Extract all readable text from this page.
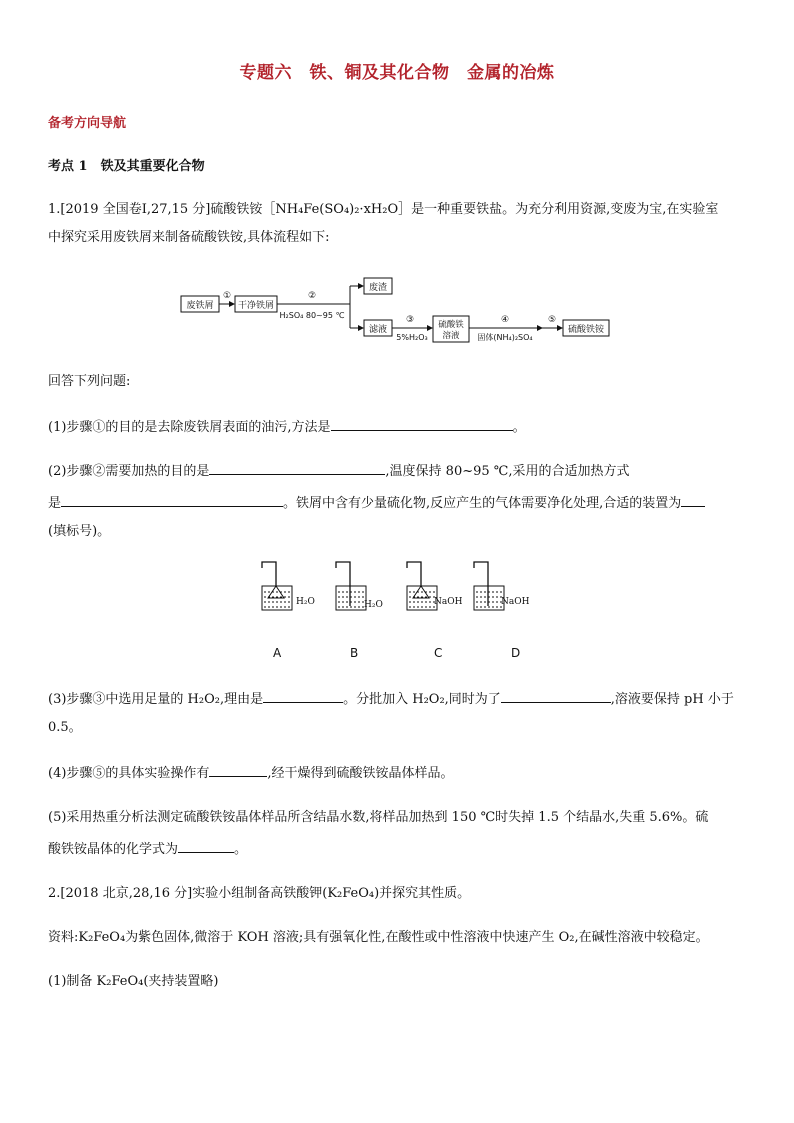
专题六　铁、铜及其化合物　金属的冶炼
备考方向导航
考点 1　铁及其重要化合物
1.[2019 全国卷Ⅰ,27,15 分]硫酸铁铵［NH₄Fe(SO₄)₂·xH₂O］是一种重要铁盐。为充分利用资源,变废为宝,在实验室
中探究采用废铁屑来制备硫酸铁铵,具体流程如下:
废铁屑
①
干净铁屑
②
H₂SO₄ 80~95 ℃
废渣
滤液
③
5%H₂O₃
硫酸铁
溶液
④
固体(NH₄)₂SO₄
⑤
硫酸铁铵
回答下列问题:
(1)步骤①的目的是去除废铁屑表面的油污,方法是	。
(2)步骤②需要加热的目的是	,温度保持 80~95 ℃,采用的合适加热方式
是	。铁屑中含有少量硫化物,反应产生的气体需要净化处理,合适的装置为
(填标号)。
H₂O	H₂O	NaOH	NaOH
A	B	C	D
(3)步骤③中选用足量的 H₂O₂,理由是	。分批加入 H₂O₂,同时为了	,溶液要保持 pH 小于
0.5。
(4)步骤⑤的具体实验操作有	,经干燥得到硫酸铁铵晶体样品。
(5)采用热重分析法测定硫酸铁铵晶体样品所含结晶水数,将样品加热到 150 ℃时失掉 1.5 个结晶水,失重 5.6%。硫
酸铁铵晶体的化学式为	。
2.[2018 北京,28,16 分]实验小组制备高铁酸钾(K₂FeO₄)并探究其性质。
资料:K₂FeO₄为紫色固体,微溶于 KOH 溶液;具有强氧化性,在酸性或中性溶液中快速产生 O₂,在碱性溶液中较稳定。
(1)制备 K₂FeO₄(夹持装置略)
